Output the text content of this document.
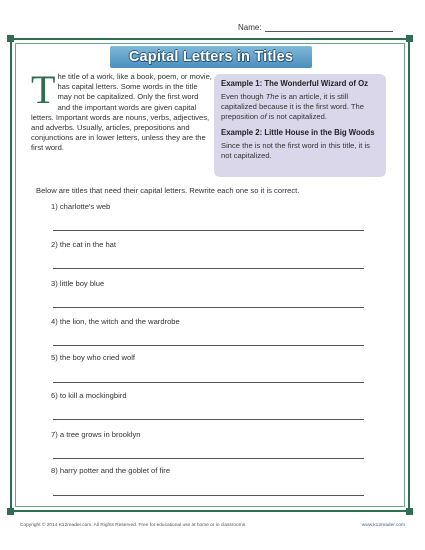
Name:
Capital Letters in Titles
The title of a work, like a book, poem, or movie, has capital letters. Some words in the title may not be capitalized. Only the first word and the important words are given capital letters. Important words are nouns, verbs, adjectives, and adverbs. Usually, articles, prepositions and conjunctions are in lower letters, unless they are the first word.
Example 1: The Wonderful Wizard of Oz
Even though The is an article, it is still capitalized because it is the first word. The preposition of is not capitalized.
Example 2: Little House in the Big Woods
Since the is not the first word in this title, it is not capitalized.
Below are titles that need their capital letters. Rewrite each one so it is correct.
1) charlotte's web
2) the cat in the hat
3) little boy blue
4) the lion, the witch and the wardrobe
5) the boy who cried wolf
6) to kill a mockingbird
7) a tree grows in brooklyn
8) harry potter and the goblet of fire
Copyright © 2014 K12reader.com. All Rights Reserved. Free for educational use at home or in classrooms.	www.k12reader.com
